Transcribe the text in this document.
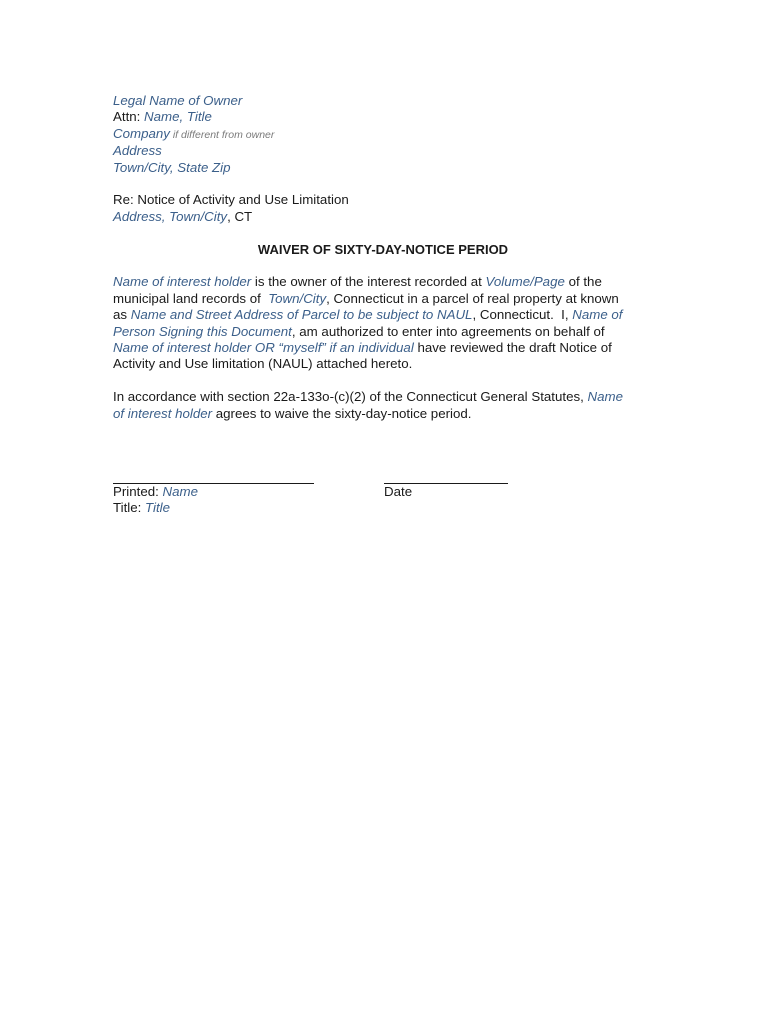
Legal Name of Owner
Attn: Name, Title
Company if different from owner
Address
Town/City, State Zip
Re: Notice of Activity and Use Limitation
Address, Town/City, CT
WAIVER OF SIXTY-DAY-NOTICE PERIOD
Name of interest holder is the owner of the interest recorded at Volume/Page of the
municipal land records of  Town/City, Connecticut in a parcel of real property at known
as Name and Street Address of Parcel to be subject to NAUL, Connecticut.  I, Name of
Person Signing this Document, am authorized to enter into agreements on behalf of
Name of interest holder OR “myself” if an individual have reviewed the draft Notice of
Activity and Use limitation (NAUL) attached hereto.
In accordance with section 22a-133o-(c)(2) of the Connecticut General Statutes, Name
of interest holder agrees to waive the sixty-day-notice period.
Printed: Name
Title: Title
Date
